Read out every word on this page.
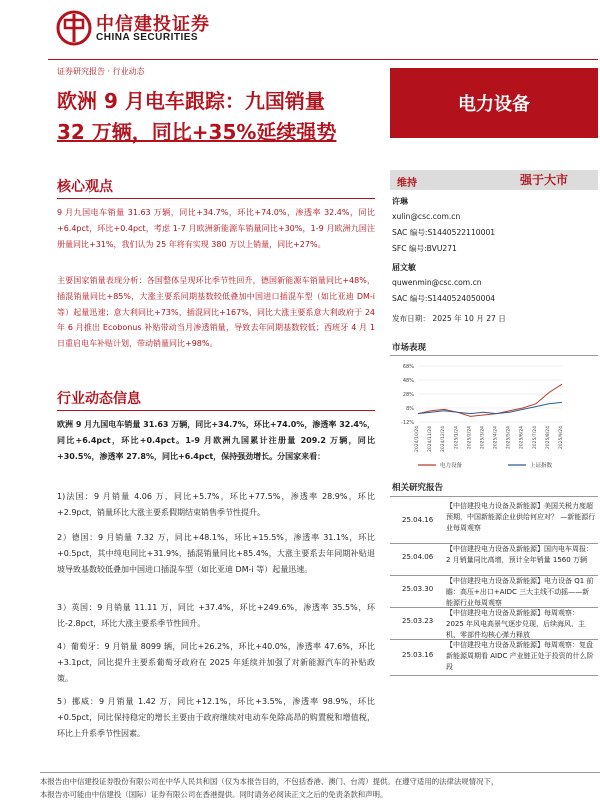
中信建投证券
CHINA SECURITIES
证券研究报告 · 行业动态
欧洲 9 月电车跟踪：九国销量
32 万辆，同比+35%延续强势
电力设备
核心观点
9 月九国电车销量 31.63 万辆，同比+34.7%，环比+74.0%，渗透率 32.4%，同比+6.4pct，环比+0.4pct，考虑 1-7 月欧洲新能源车销量同比+30%，1-9 月欧洲九国注册量同比+31%，我们认为 25 年将有实现 380 万以上销量，同比+27%。
主要国家销量表现分析：各国整体呈现环比季节性回升，德国新能源车销量同比+48%，插混销量同比+85%，大涨主要系同期基数较低叠加中国进口插混车型（如比亚迪 DM-i 等）起量迅速；意大利同比+73%，插混同比+167%，同比大涨主要系意大利政府于 24 年 6 月推出 Ecobonus 补贴带动当月渗透销量，导致去年同期基数较低；西班牙 4 月 1 日重启电车补贴计划，带动销量同比+98%。
行业动态信息
欧洲 9 月九国电车销量 31.63 万辆，同比+34.7%，环比+74.0%，渗透率 32.4%，同比+6.4pct，环比+0.4pct。1-9 月欧洲九国累计注册量 209.2 万辆，同比+30.5%，渗透率 27.8%，同比+6.4pct，保持强劲增长。分国家来看：
1)法国：9 月销量 4.06 万，同比+5.7%，环比+77.5%，渗透率 28.9%，环比+2.9pct，销量环比大涨主要系假期结束销售季节性提升。
2）德国：9 月销量 7.32 万，同比+48.1%，环比+15.5%，渗透率 31.1%，环比+0.5pct，其中纯电同比+31.9%，插混销量同比+85.4%，大涨主要系去年同期补贴退坡导致基数较低叠加中国进口插混车型（如比亚迪 DM-i 等）起量迅速。
3）英国：9 月销量 11.11 万，同比 +37.4%，环比+249.6%，渗透率 35.5%，环比-2.8pct，环比大涨主要系季节性回升。
4）葡萄牙：9 月销量 8099 辆，同比+26.2%，环比+40.0%，渗透率 47.6%，环比+3.1pct，同比提升主要系葡萄牙政府在 2025 年延续并加强了对新能源汽车的补贴政策。
5）挪威：9 月销量 1.42 万，同比+12.1%，环比+3.5%，渗透率 98.9%，环比+0.5pct，同比保持稳定的增长主要由于政府继续对电动车免除高昂的购置税和增值税，环比上升系季节性因素。
维持	强于大市
许琳
xulin@csc.com.cn
SAC 编号:S1440522110001
SFC 编号:BVU271
屈文敏
quwenmin@csc.com.cn
SAC 编号:S1440524050004
发布日期： 2025 年 10 月 27 日
市场表现
68%
48%
28%
8%
-12%
2024/10/24 2024/11/24 2024/12/24 2025/1/24 2025/2/24 2025/3/24 2025/4/24 2025/5/24 2025/6/24 2025/7/24 2025/8/24 2025/9/24
电力设备	上证指数
相关研究报告
25.04.16
【中信建投电力设备及新能源】美国关税力度超预期，中国新能源企业供给何应对？ —新能源行业每周观察
25.04.06
【中信建投电力设备及新能源】国内电车周报：2 月销量同比高增，预计全年销量 1560 万辆
25.03.30
【中信建投电力设备及新能源】电力设备 Q1 前瞻：高压+出口+AIDC 三大主线不动摇——新能源行业每周观察
25.03.23
【中信建投电力设备及新能源】每周观察：2025 年风电高景气逐步兑现，后续海风、主机、零部件均核心弹力释放
25.03.16
【中信建投电力设备及新能源】每周观察：复盘新能源周期看 AIDC 产业链正处于投资的什么阶段
本报告由中信建投证券股份有限公司在中华人民共和国（仅为本报告目的，不包括香港、澳门、台湾）提供。在遵守适用的法律法规情况下，
本报告亦可能由中信建投（国际）证券有限公司在香港提供。同时请务必阅读正文之后的免责条款和声明。
